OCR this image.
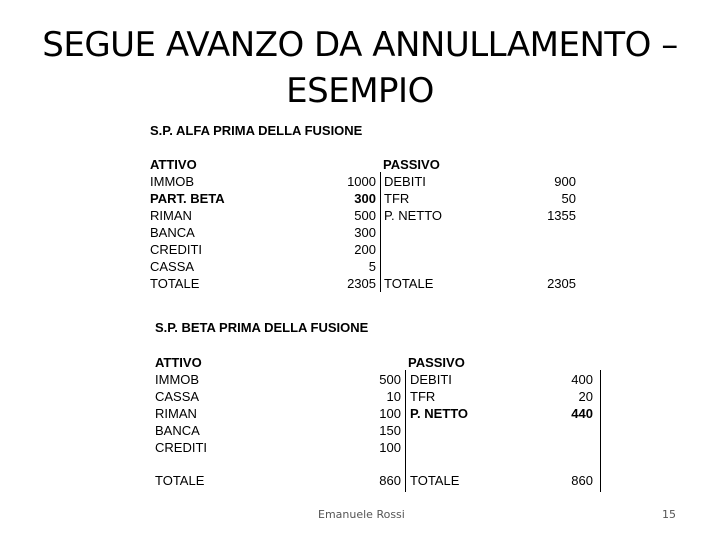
SEGUE AVANZO DA ANNULLAMENTO –
ESEMPIO
S.P. ALFA PRIMA DELLA FUSIONE
ATTIVO	PASSIVO
IMMOB	1000 DEBITI	900
PART. BETA	300 TFR	50
RIMAN	500 P. NETTO	1355
BANCA	300
CREDITI	200
CASSA	5
TOTALE	2305 TOTALE	2305
S.P. BETA PRIMA DELLA FUSIONE
ATTIVO	PASSIVO
IMMOB	500 DEBITI	400
CASSA	10 TFR	20
RIMAN	100 P. NETTO	440
BANCA	150
CREDITI	100
TOTALE	860 TOTALE	860
Emanuele Rossi	15
